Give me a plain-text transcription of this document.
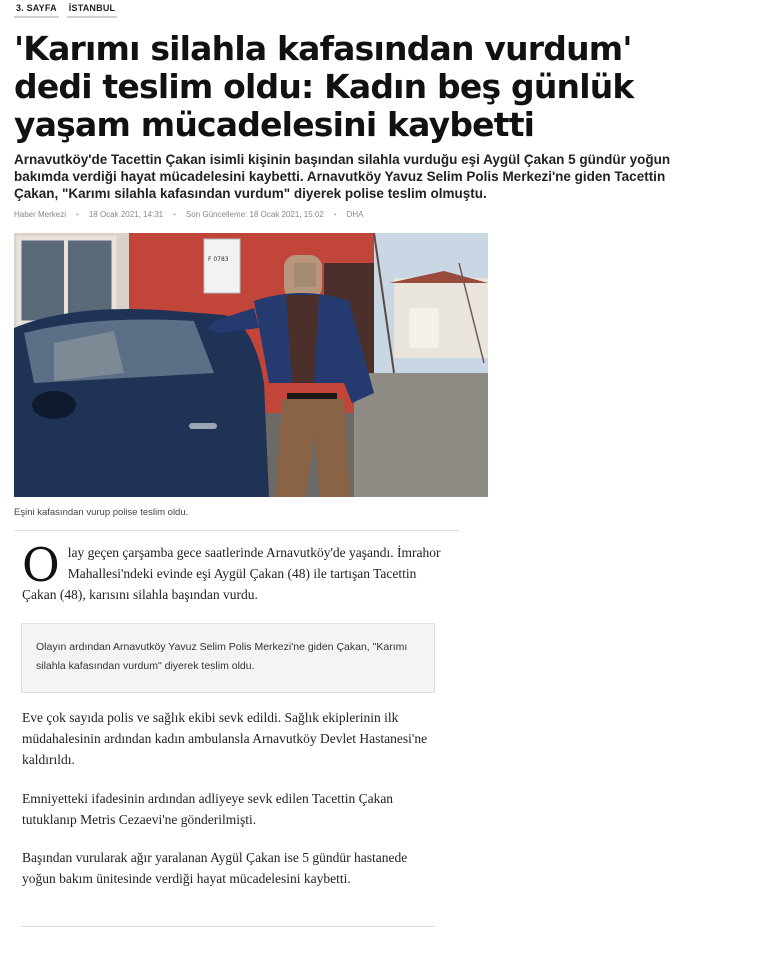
3. SAYFA İSTANBUL
'Karımı silahla kafasından vurdum' dedi teslim oldu: Kadın beş günlük yaşam mücadelesini kaybetti

Arnavutköy'de Tacettin Çakan isimli kişinin başından silahla vurduğu eşi Aygül Çakan 5 gündür yoğun bakımda verdiği hayat mücadelesini kaybetti. Arnavutköy Yavuz Selim Polis Merkezi'ne giden Tacettin Çakan, "Karımı silahla kafasından vurdum" diyerek polise teslim olmuştu.

Haber Merkezi • 18 Ocak 2021, 14:31 • Son Güncelleme: 18 Ocak 2021, 15:02 • DHA
F 0783
Eşini kafasından vurup polise teslim oldu.
Olay geçen çarşamba gece saatlerinde Arnavutköy'de yaşandı. İmrahor Mahallesi'ndeki evinde eşi Aygül Çakan (48) ile tartışan Tacettin Çakan (48), karısını silahla başından vurdu.
Olayın ardından Arnavutköy Yavuz Selim Polis Merkezi'ne giden Çakan, "Karımı silahla kafasından vurdum" diyerek teslim oldu.

Eve çok sayıda polis ve sağlık ekibi sevk edildi. Sağlık ekiplerinin ilk müdahalesinin ardından kadın ambulansla Arnavutköy Devlet Hastanesi'ne kaldırıldı.

Emniyetteki ifadesinin ardından adliyeye sevk edilen Tacettin Çakan tutuklanıp Metris Cezaevi'ne gönderilmişti.

Başından vurularak ağır yaralanan Aygül Çakan ise 5 gündür hastanede yoğun bakım ünitesinde verdiği hayat mücadelesini kaybetti.
